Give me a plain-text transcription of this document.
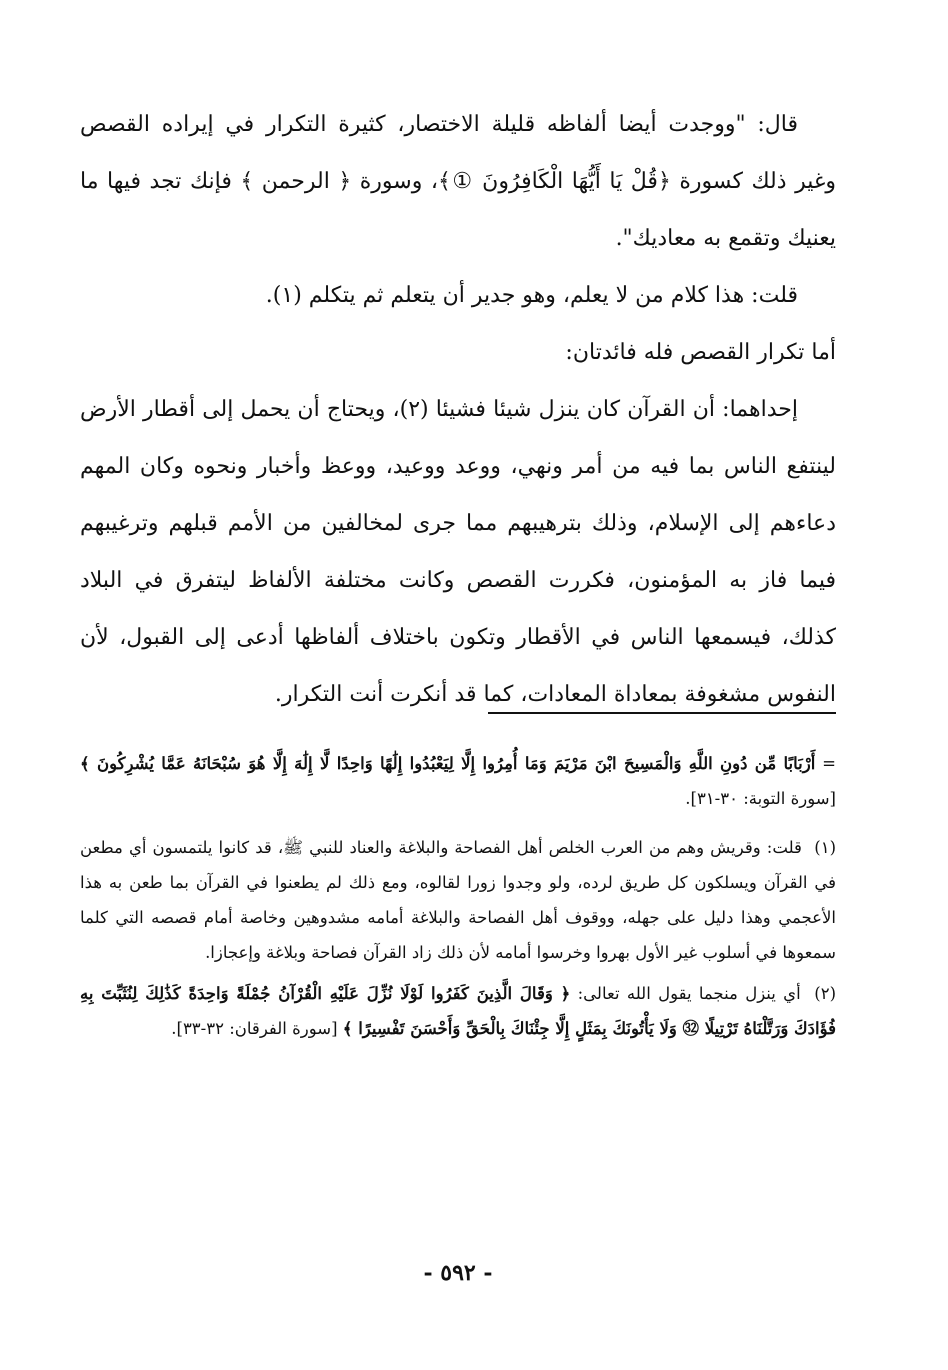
قال: "ووجدت أيضا ألفاظه قليلة الاختصار، كثيرة التكرار في إيراده القصص وغير ذلك كسورة ﴿قُلْ يَا أَيُّهَا الْكَافِرُونَ ①﴾، وسورة ﴿ الرحمن ﴾ فإنك تجد فيها ما يعنيك وتقمع به معاديك".

قلت: هذا كلام من لا يعلم، وهو جدير أن يتعلم ثم يتكلم (١).

أما تكرار القصص فله فائدتان:

إحداهما: أن القرآن كان ينزل شيئا فشيئا (٢)، ويحتاج أن يحمل إلى أقطار الأرض لينتفع الناس بما فيه من أمر ونهي، ووعد ووعيد، ووعظ وأخبار ونحوه وكان المهم دعاءهم إلى الإسلام، وذلك بترهيبهم مما جرى لمخالفين من الأمم قبلهم وترغيبهم فيما فاز به المؤمنون، فكررت القصص وكانت مختلفة الألفاظ ليتفرق في البلاد كذلك، فيسمعها الناس في الأقطار وتكون باختلاف ألفاظها أدعى إلى القبول، لأن النفوس مشغوفة بمعاداة المعادات، كما قد أنكرت أنت التكرار.

= أَرْبَابًا مِّن دُونِ اللَّهِ وَالْمَسِيحَ ابْنَ مَرْيَمَ وَمَا أُمِرُوا إِلَّا لِيَعْبُدُوا إِلَٰهًا وَاحِدًا لَّا إِلَٰهَ إِلَّا هُوَ سُبْحَانَهُ عَمَّا يُشْرِكُونَ ﴾ [سورة التوبة: ٣٠-٣١].

(١) قلت: وقريش وهم من العرب الخلص أهل الفصاحة والبلاغة والعناد للنبي ﷺ، قد كانوا يلتمسون أي مطعن في القرآن ويسلكون كل طريق لرده، ولو وجدوا زورا لقالوه، ومع ذلك لم يطعنوا في القرآن بما طعن به هذا الأعجمي وهذا دليل على جهله، ووقوف أهل الفصاحة والبلاغة أمامه مشدوهين وخاصة أمام قصصه التي كلما سمعوها في أسلوب غير الأول بهروا وخرسوا أمامه لأن ذلك زاد القرآن فصاحة وبلاغة وإعجازا.

(٢) أي ينزل منجما يقول الله تعالى: ﴿ وَقَالَ الَّذِينَ كَفَرُوا لَوْلَا نُزِّلَ عَلَيْهِ الْقُرْآنُ جُمْلَةً وَاحِدَةً كَذَٰلِكَ لِنُثَبِّتَ بِهِ فُؤَادَكَ وَرَتَّلْنَاهُ تَرْتِيلًا ㉜ وَلَا يَأْتُونَكَ بِمَثَلٍ إِلَّا جِئْنَاكَ بِالْحَقِّ وَأَحْسَنَ تَفْسِيرًا ﴾ [سورة الفرقان: ٣٢-٣٣].

- ٥٩٢ -
